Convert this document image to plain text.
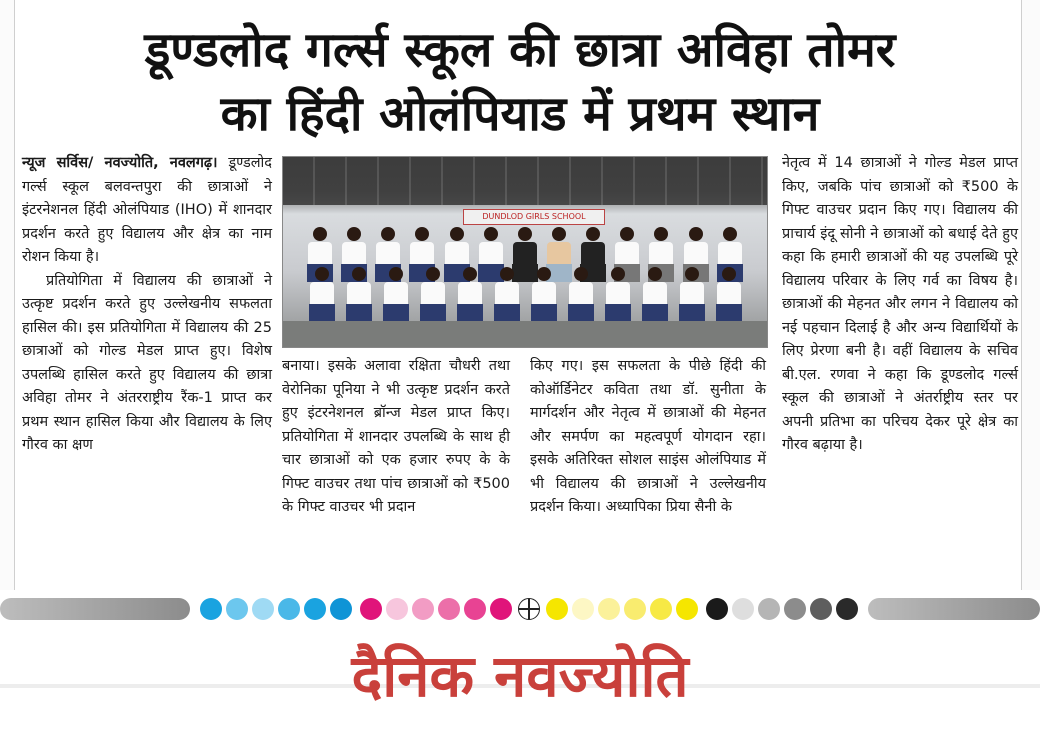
डूण्डलोद गर्ल्स स्कूल की छात्रा अविहा तोमर
का हिंदी ओलंपियाड में प्रथम स्थान

न्यूज सर्विस/ नवज्योति, नवलगढ़। डूण्डलोद गर्ल्स स्कूल बलवन्तपुरा की छात्राओं ने इंटरनेशनल हिंदी ओलंपियाड (IHO) में शानदार प्रदर्शन करते हुए विद्यालय और क्षेत्र का नाम रोशन किया है।

प्रतियोगिता में विद्यालय की छात्राओं ने उत्कृष्ट प्रदर्शन करते हुए उल्लेखनीय सफलता हासिल की। इस प्रतियोगिता में विद्यालय की 25 छात्राओं को गोल्ड मेडल प्राप्त हुए। विशेष उपलब्धि हासिल करते हुए विद्यालय की छात्रा अविहा तोमर ने अंतरराष्ट्रीय रैंक-1 प्राप्त कर प्रथम स्थान हासिल किया और विद्यालय के लिए गौरव का क्षण

DUNDLOD GIRLS SCHOOL
बनाया। इसके अलावा रक्षिता चौधरी तथा वेरोनिका पूनिया ने भी उत्कृष्ट प्रदर्शन करते हुए इंटरनेशनल ब्रॉन्ज मेडल प्राप्त किए। प्रतियोगिता में शानदार उपलब्धि के साथ ही चार छात्राओं को एक हजार रुपए के के गिफ्ट वाउचर तथा पांच छात्राओं को ₹500 के गिफ्ट वाउचर भी प्रदान
किए गए। इस सफलता के पीछे हिंदी की कोऑर्डिनेटर कविता तथा डॉ. सुनीता के मार्गदर्शन और नेतृत्व में छात्राओं की मेहनत और समर्पण का महत्वपूर्ण योगदान रहा। इसके अतिरिक्त सोशल साइंस ओलंपियाड में भी विद्यालय की छात्राओं ने उल्लेखनीय प्रदर्शन किया। अध्यापिका प्रिया सैनी के
नेतृत्व में 14 छात्राओं ने गोल्ड मेडल प्राप्त किए, जबकि पांच छात्राओं को ₹500 के गिफ्ट वाउचर प्रदान किए गए। विद्यालय की प्राचार्य इंदू सोनी ने छात्राओं को बधाई देते हुए कहा कि हमारी छात्राओं की यह उपलब्धि पूरे विद्यालय परिवार के लिए गर्व का विषय है। छात्राओं की मेहनत और लगन ने विद्यालय को नई पहचान दिलाई है और अन्य विद्यार्थियों के लिए प्रेरणा बनी है। वहीं विद्यालय के सचिव बी.एल. रणवा ने कहा कि डूण्डलोद गर्ल्स स्कूल की छात्राओं ने अंतर्राष्ट्रीय स्तर पर अपनी प्रतिभा का परिचय देकर पूरे क्षेत्र का गौरव बढ़ाया है।
दैनिक नवज्योति
